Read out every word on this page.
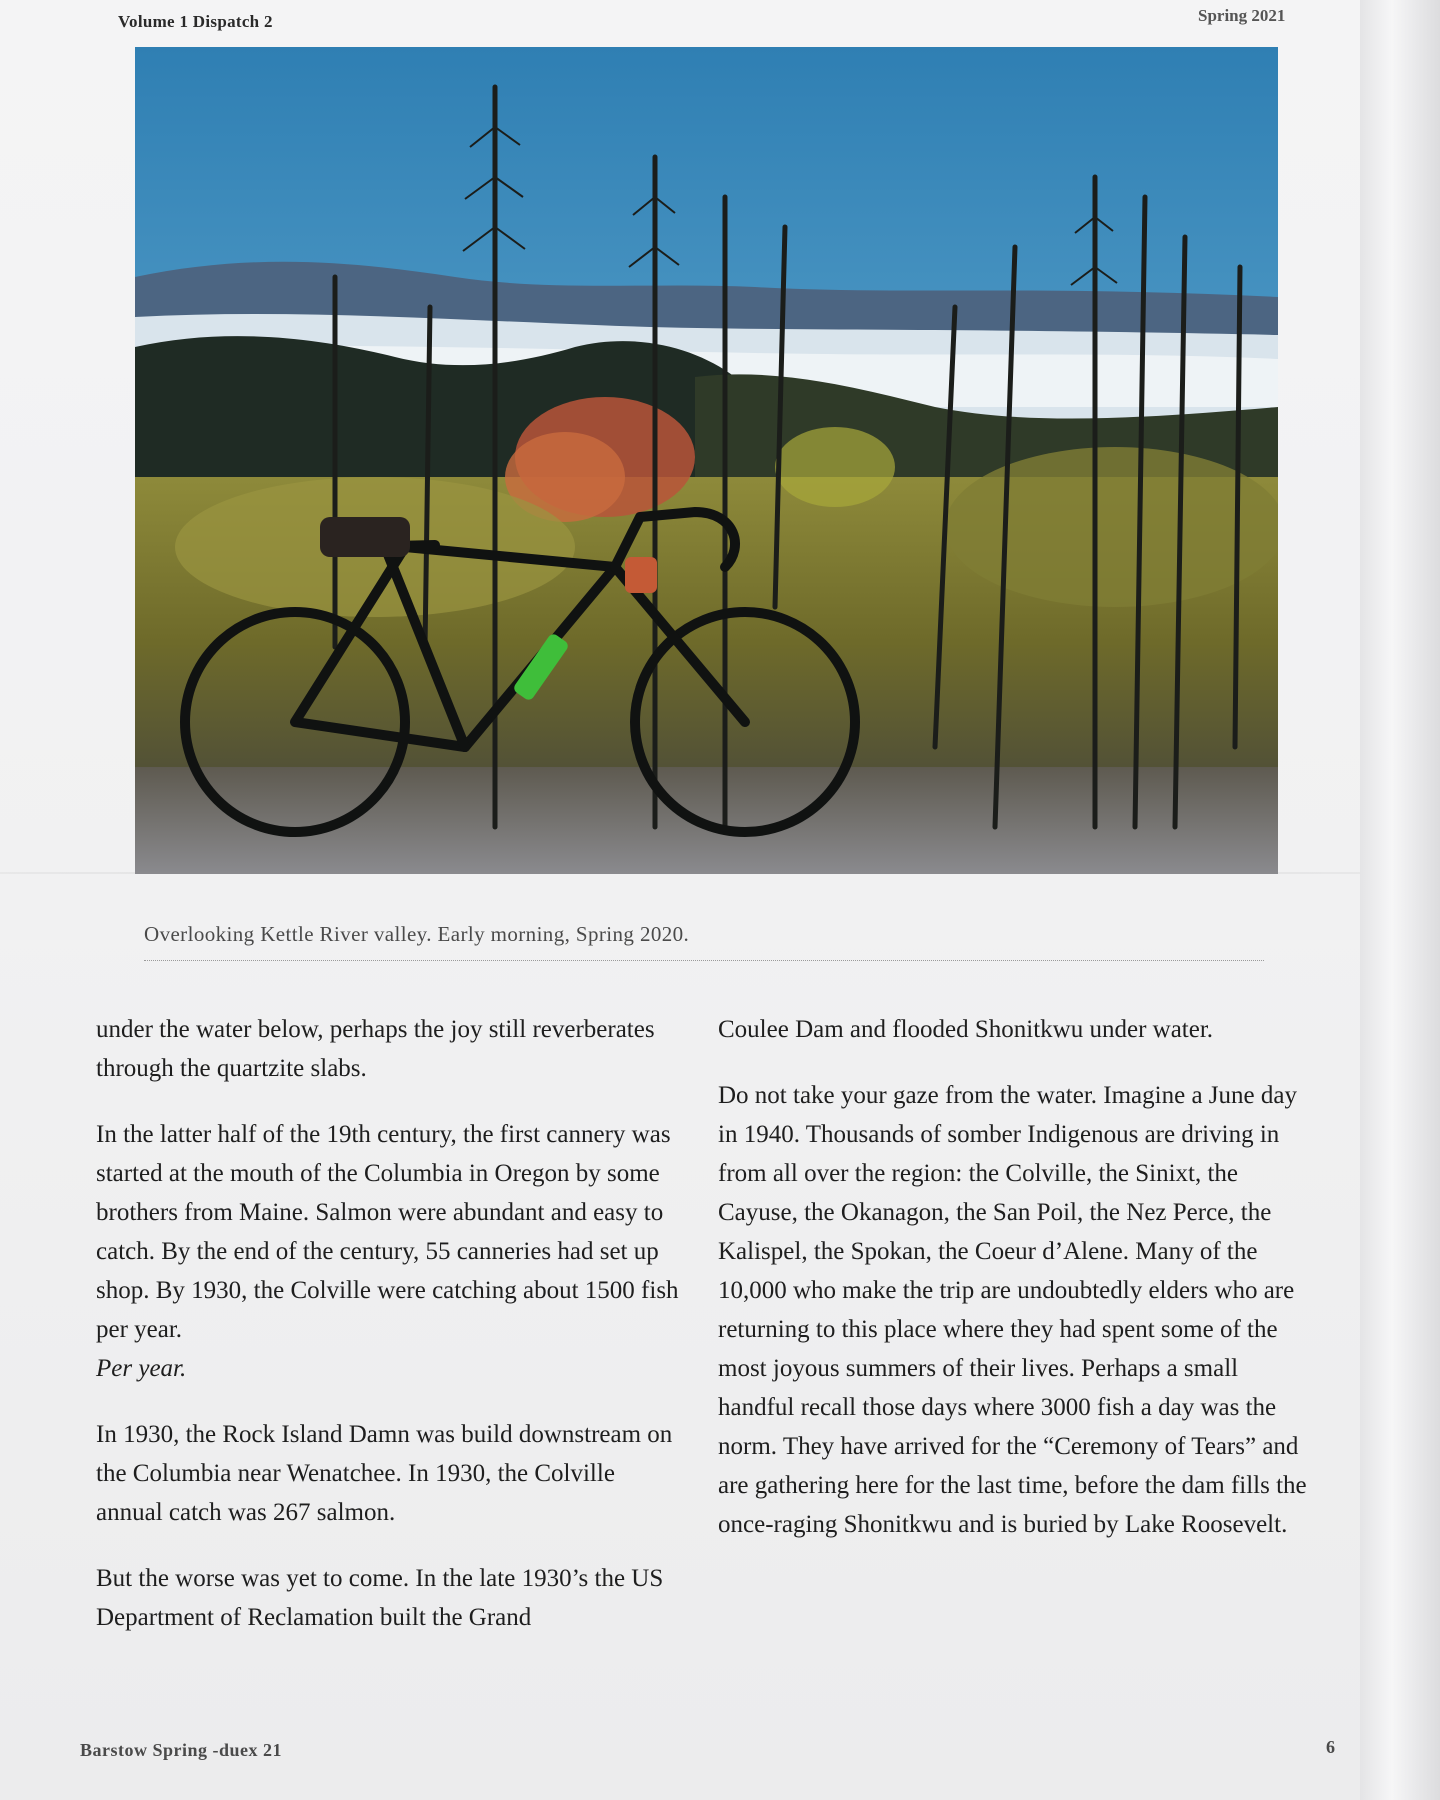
Volume 1 Dispatch 2	Spring 2021
Overlooking Kettle River valley. Early morning, Spring 2020.

under the water below, perhaps the joy still reverberates through the quartzite slabs.

In the latter half of the 19th century, the first cannery was started at the mouth of the Columbia in Oregon by some brothers from Maine. Salmon were abundant and easy to catch. By the end of the century, 55 canneries had set up shop. By 1930, the Colville were catching about 1500 fish per year.
Per year.

In 1930, the Rock Island Damn was build downstream on the Columbia near Wenatchee. In 1930, the Colville annual catch was 267 salmon.

But the worse was yet to come. In the late 1930’s the US Department of Reclamation built the Grand

Coulee Dam and flooded Shonitkwu under water.

Do not take your gaze from the water. Imagine a June day in 1940. Thousands of somber Indigenous are driving in from all over the region: the Colville, the Sinixt, the Cayuse, the Okanagon, the San Poil, the Nez Perce, the Kalispel, the Spokan, the Coeur d’Alene. Many of the 10,000 who make the trip are undoubtedly elders who are returning to this place where they had spent some of the most joyous summers of their lives. Perhaps a small handful recall those days where 3000 fish a day was the norm. They have arrived for the “Ceremony of Tears” and are gathering here for the last time, before the dam fills the once-raging Shonitkwu and is buried by Lake Roosevelt.

Barstow Spring -duex 21	6
